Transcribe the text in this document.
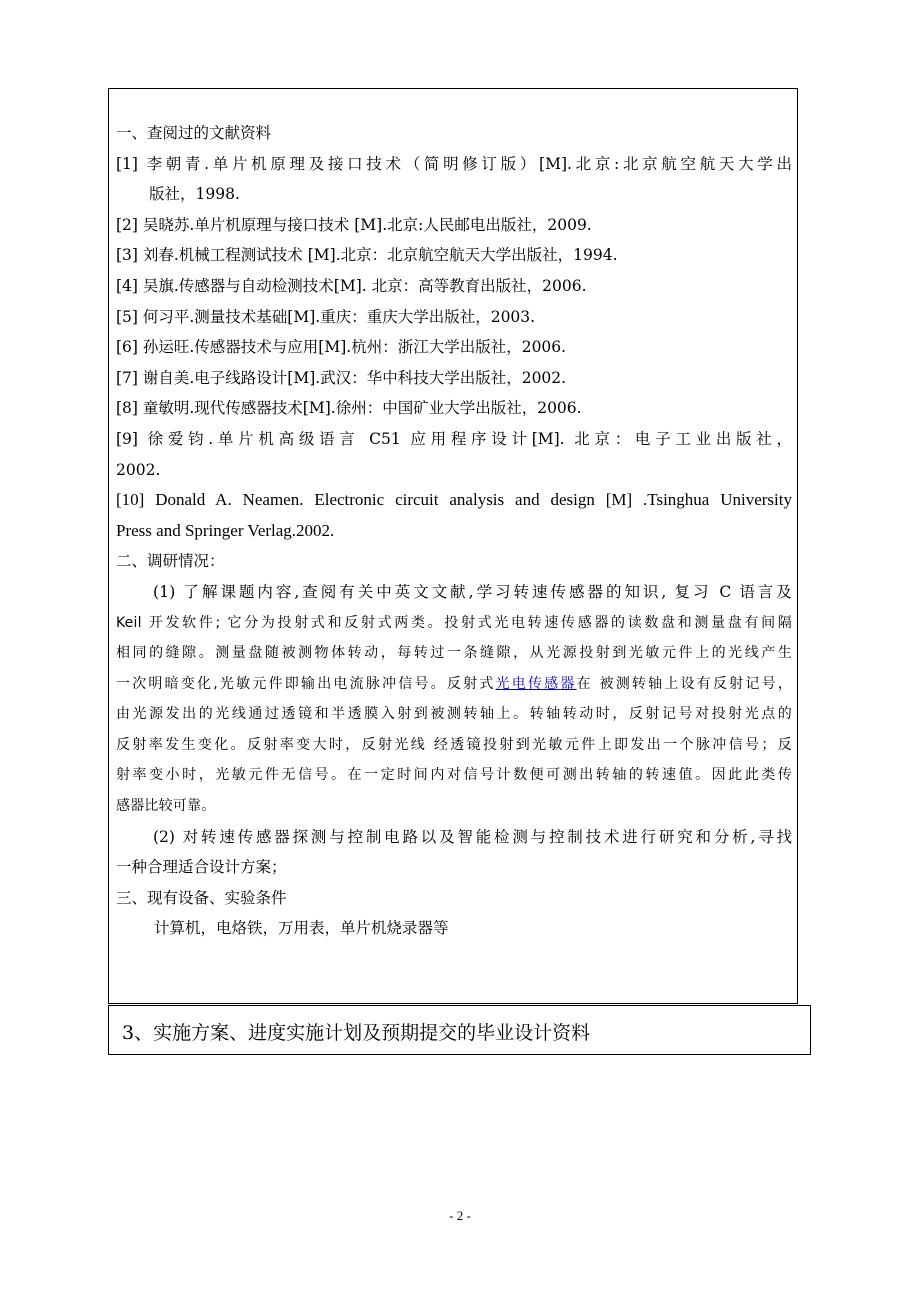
一、查阅过的文献资料
[1] 李朝青.单片机原理及接口技术（简明修订版）[M].北京:北京航空航天大学出
版社，1998.
[2] 吴晓苏.单片机原理与接口技术 [M].北京:人民邮电出版社，2009.
[3] 刘春.机械工程测试技术 [M].北京：北京航空航天大学出版社，1994.
[4] 吴旗.传感器与自动检测技术[M]. 北京：高等教育出版社，2006.
[5] 何习平.测量技术基础[M].重庆：重庆大学出版社，2003.
[6] 孙运旺.传感器技术与应用[M].杭州：浙江大学出版社，2006.
[7] 谢自美.电子线路设计[M].武汉：华中科技大学出版社，2002.
[8] 童敏明.现代传感器技术[M].徐州：中国矿业大学出版社，2006.
[9] 徐爱钧.单片机高级语言 C51 应用程序设计[M]. 北京：电子工业出版社，
2002.
[10] Donald A. Neamen. Electronic circuit analysis and design [M] .Tsinghua University
Press and Springer Verlag.2002.
二、调研情况：
(1) 了解课题内容,查阅有关中英文文献,学习转速传感器的知识, 复习 C 语言及
Keil 开发软件; 它分为投射式和反射式两类。投射式光电转速传感器的读数盘和测量盘有间隔
相同的缝隙。测量盘随被测物体转动，每转过一条缝隙，从光源投射到光敏元件上的光线产生
一次明暗变化,光敏元件即输出电流脉冲信号。反射式光电传感器在 被测转轴上设有反射记号，
由光源发出的光线通过透镜和半透膜入射到被测转轴上。转轴转动时，反射记号对投射光点的
反射率发生变化。反射率变大时，反射光线 经透镜投射到光敏元件上即发出一个脉冲信号；反
射率变小时，光敏元件无信号。在一定时间内对信号计数便可测出转轴的转速值。因此此类传
感器比较可靠。
(2) 对转速传感器探测与控制电路以及智能检测与控制技术进行研究和分析,寻找
一种合理适合设计方案；
三、现有设备、实验条件
计算机，电烙铁，万用表，单片机烧录器等
3、实施方案、进度实施计划及预期提交的毕业设计资料
- 2 -
